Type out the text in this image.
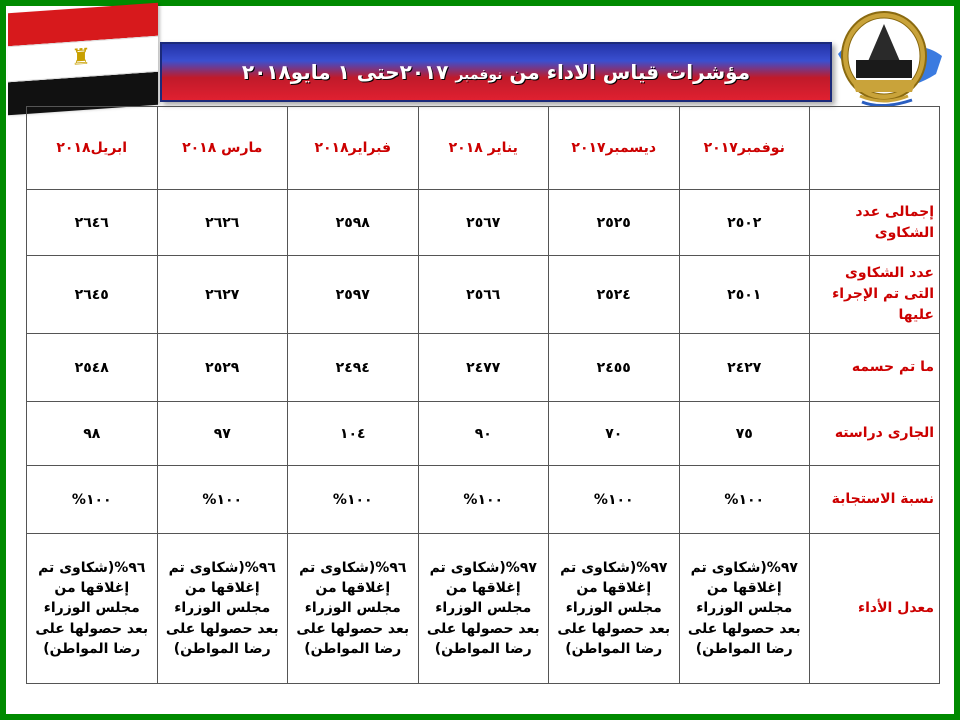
♜
مؤشرات قياس الاداء من نوفمبر ٢٠١٧حتى ١ مايو٢٠١٨
	نوفمبر٢٠١٧	ديسمبر٢٠١٧	يناير ٢٠١٨	فبراير٢٠١٨	مارس ٢٠١٨	ابريل٢٠١٨
إجمالى عدد الشكاوى	٢٥٠٢	٢٥٢٥	٢٥٦٧	٢٥٩٨	٢٦٢٦	٢٦٤٦
عدد الشكاوى التى تم الإجراء عليها	٢٥٠١	٢٥٢٤	٢٥٦٦	٢٥٩٧	٢٦٢٧	٢٦٤٥
ما تم حسمه	٢٤٢٧	٢٤٥٥	٢٤٧٧	٢٤٩٤	٢٥٢٩	٢٥٤٨
الجارى دراسته	٧٥	٧٠	٩٠	١٠٤	٩٧	٩٨
نسبة الاستجابة	١٠٠%	١٠٠%	١٠٠%	١٠٠%	١٠٠%	١٠٠%
معدل الأداء	٩٧%(شكاوى تم إغلاقها من مجلس الوزراء بعد حصولها على رضا المواطن)	٩٧%(شكاوى تم إغلاقها من مجلس الوزراء بعد حصولها على رضا المواطن)	٩٧%(شكاوى تم إغلاقها من مجلس الوزراء بعد حصولها على رضا المواطن)	٩٦%(شكاوى تم إغلاقها من مجلس الوزراء بعد حصولها على رضا المواطن)	٩٦%(شكاوى تم إغلاقها من مجلس الوزراء بعد حصولها على رضا المواطن)	٩٦%(شكاوى تم إغلاقها من مجلس الوزراء بعد حصولها على رضا المواطن)
